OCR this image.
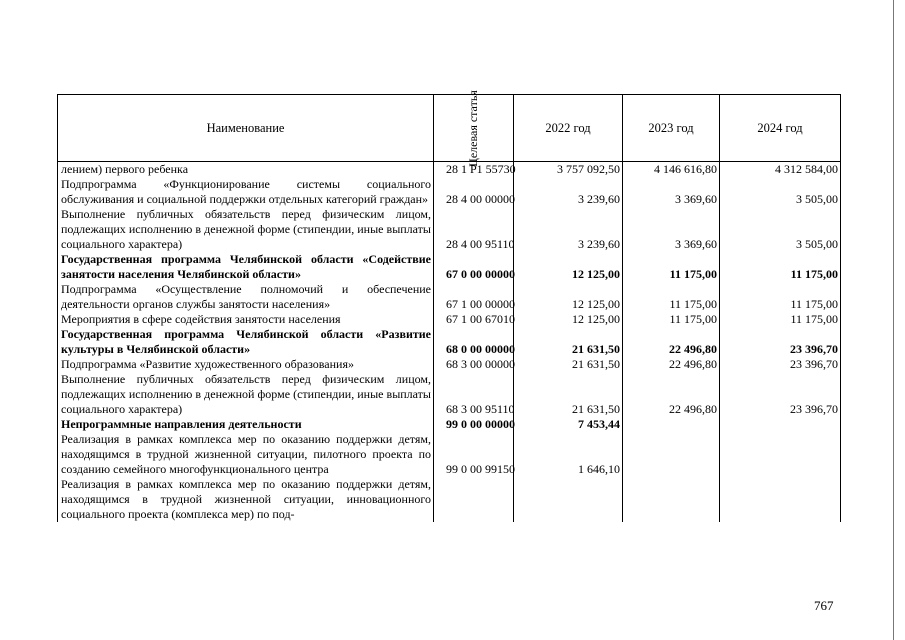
Наименование	Целевая статья	2022 год	2023 год	2024 год
лением) первого ребенка	28 1 P1 55730	3 757 092,50	4 146 616,80	4 312 584,00
Подпрограмма «Функционирование системы социального обслуживания и социальной поддержки отдельных категорий граждан»	28 4 00 00000	3 239,60	3 369,60	3 505,00
Выполнение публичных обязательств перед физическим лицом, подлежащих исполнению в денежной форме (стипендии, иные выплаты социального характера)	28 4 00 95110	3 239,60	3 369,60	3 505,00
Государственная программа Челябинской области «Содействие занятости населения Челябинской области»	67 0 00 00000	12 125,00	11 175,00	11 175,00
Подпрограмма «Осуществление полномочий и обеспечение деятельности органов службы занятости населения»	67 1 00 00000	12 125,00	11 175,00	11 175,00
Мероприятия в сфере содействия занятости населения	67 1 00 67010	12 125,00	11 175,00	11 175,00
Государственная программа Челябинской области «Развитие культуры в Челябинской области»	68 0 00 00000	21 631,50	22 496,80	23 396,70
Подпрограмма «Развитие художественного образования»	68 3 00 00000	21 631,50	22 496,80	23 396,70
Выполнение публичных обязательств перед физическим лицом, подлежащих исполнению в денежной форме (стипендии, иные выплаты социального характера)	68 3 00 95110	21 631,50	22 496,80	23 396,70
Непрограммные направления деятельности	99 0 00 00000	7 453,44		
Реализация в рамках комплекса мер по оказанию поддержки детям, находящимся в трудной жизненной ситуации, пилотного проекта по созданию семейного многофункционального центра	99 0 00 99150	1 646,10		
Реализация в рамках комплекса мер по оказанию поддержки детям, находящимся в трудной жизненной ситуации, инновационного социального проекта (комплекса мер) по под-				
767
